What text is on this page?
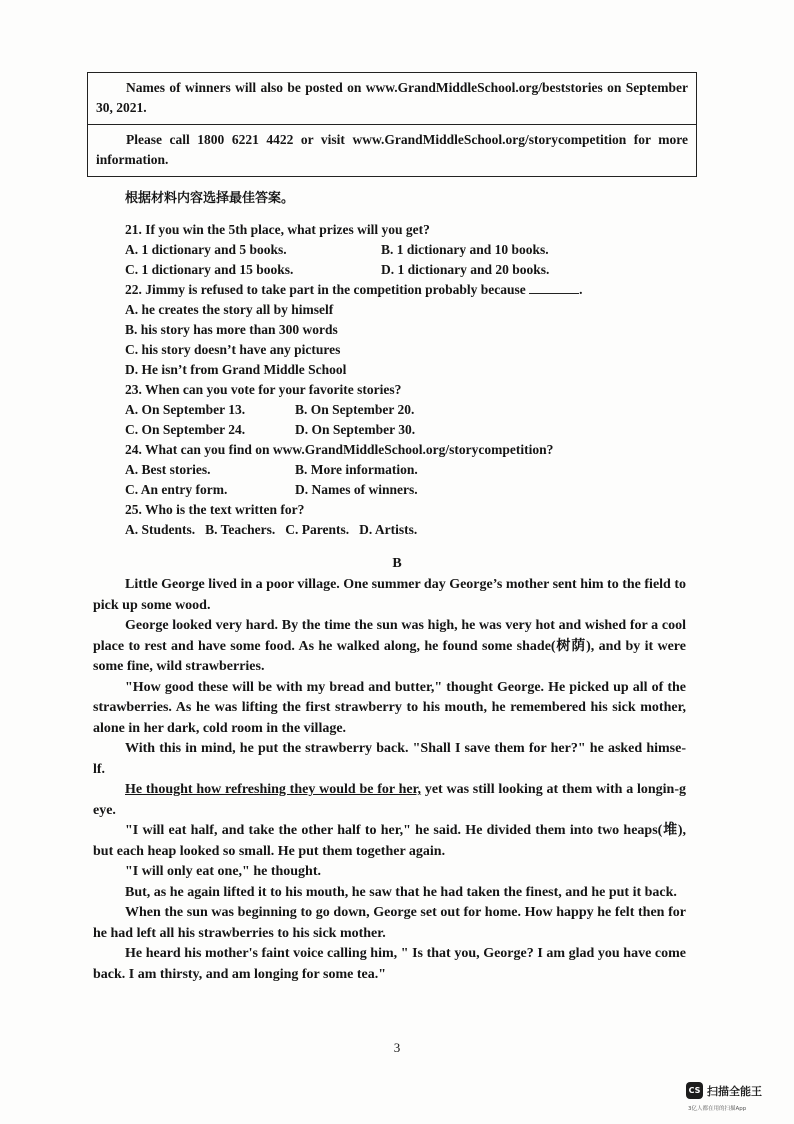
Names of winners will also be posted on www.GrandMiddleSchool.org/beststories on September 30, 2021.
Please call 1800 6221 4422 or visit www.GrandMiddleSchool.org/storycompetition for more information.
根据材料内容选择最佳答案。
21. If you win the 5th place, what prizes will you get?
A. 1 dictionary and 5 books.	B. 1 dictionary and 10 books.
C. 1 dictionary and 15 books.	D. 1 dictionary and 20 books.
22. Jimmy is refused to take part in the competition probably because	.
A. he creates the story all by himself
B. his story has more than 300 words
C. his story doesn’t have any pictures
D. He isn’t from Grand Middle School
23. When can you vote for your favorite stories?
A. On September 13.	B. On September 20.
C. On September 24.	D. On September 30.
24. What can you find on www.GrandMiddleSchool.org/storycompetition?
A. Best stories.	B. More information.
C. An entry form.	D. Names of winners.
25. Who is the text written for?
A. Students. B. Teachers. C. Parents. D. Artists.
B

Little George lived in a poor village. One summer day George’s mother sent him to the field to pick up some wood.

George looked very hard. By the time the sun was high, he was very hot and wished for a cool place to rest and have some food. As he walked along, he found some shade(树荫), and by it were some fine, wild strawberries.

"How good these will be with my bread and butter," thought George. He picked up all of the strawberries. As he was lifting the first strawberry to his mouth, he remembered his sick mother, alone in her dark, cold room in the village.

With this in mind, he put the strawberry back. "Shall I save them for her?" he asked himse-lf.

He thought how refreshing they would be for her, yet was still looking at them with a longin-g eye.

"I will eat half, and take the other half to her," he said. He divided them into two heaps(堆), but each heap looked so small. He put them together again.

"I will only eat one," he thought.

But, as he again lifted it to his mouth, he saw that he had taken the finest, and he put it back.

When the sun was beginning to go down, George set out for home. How happy he felt then for he had left all his strawberries to his sick mother.

He heard his mother's faint voice calling him, " Is that you, George? I am glad you have come back. I am thirsty, and am longing for some tea."

3
CS 扫描全能王
3亿人都在用的扫描App
